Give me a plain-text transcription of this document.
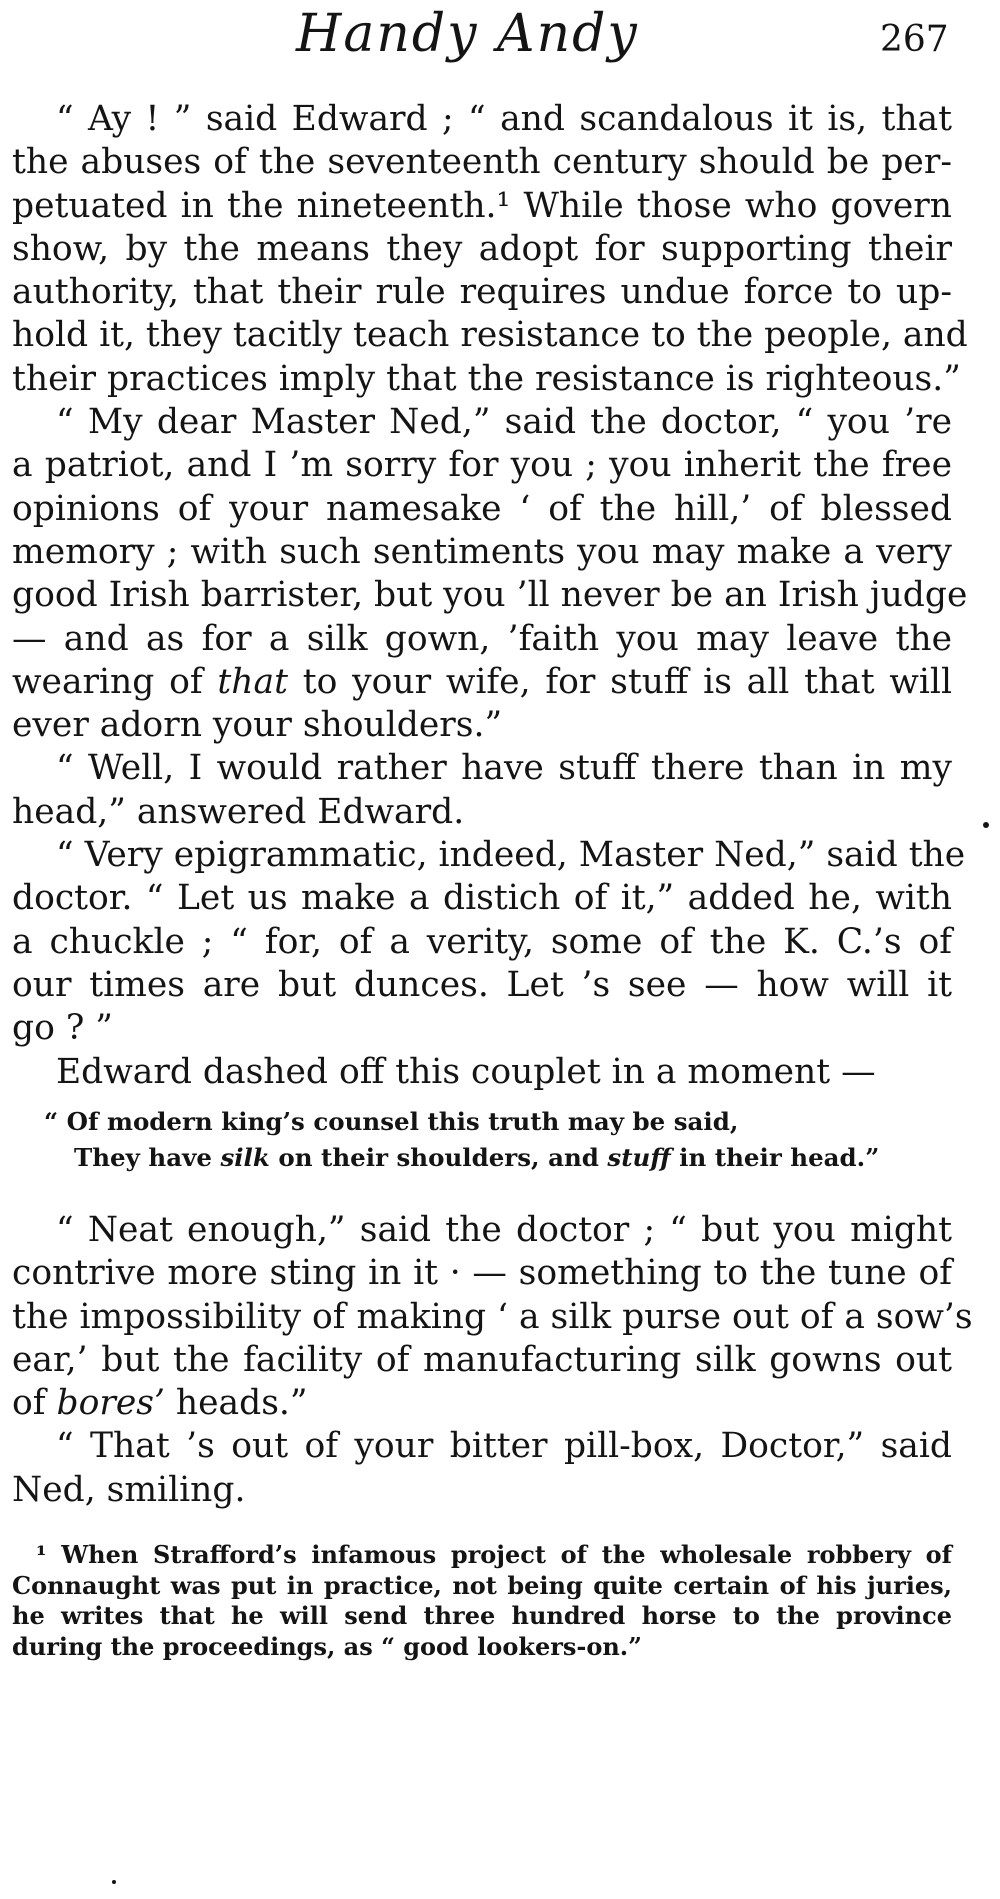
Handy Andy	267
“ Ay ! ” said Edward ; “ and scandalous it is, that
the abuses of the seventeenth century should be per-
petuated in the nineteenth.¹ While those who govern
show, by the means they adopt for supporting their
authority, that their rule requires undue force to up-
hold it, they tacitly teach resistance to the people, and
their practices imply that the resistance is righteous.”
“ My dear Master Ned,” said the doctor, “ you ’re
a patriot, and I ’m sorry for you ; you inherit the free
opinions of your namesake ‘ of the hill,’ of blessed
memory ; with such sentiments you may make a very
good Irish barrister, but you ’ll never be an Irish judge
— and as for a silk gown, ’faith you may leave the
wearing of that to your wife, for stuff is all that will
ever adorn your shoulders.”
“ Well, I would rather have stuff there than in my
head,” answered Edward.
“ Very epigrammatic, indeed, Master Ned,” said the
doctor. “ Let us make a distich of it,” added he, with
a chuckle ; “ for, of a verity, some of the K. C.’s of
our times are but dunces. Let ’s see — how will it
go ? ”
Edward dashed off this couplet in a moment —
“ Of modern king’s counsel this truth may be said,
They have silk on their shoulders, and stuff in their head.”
“ Neat enough,” said the doctor ; “ but you might
contrive more sting in it · — something to the tune of
the impossibility of making ‘ a silk purse out of a sow’s
ear,’ but the facility of manufacturing silk gowns out
of bores’ heads.”
“ That ’s out of your bitter pill-box, Doctor,” said
Ned, smiling.
¹ When Strafford’s infamous project of the wholesale robbery of
Connaught was put in practice, not being quite certain of his juries,
he writes that he will send three hundred horse to the province
during the proceedings, as “ good lookers-on.”
